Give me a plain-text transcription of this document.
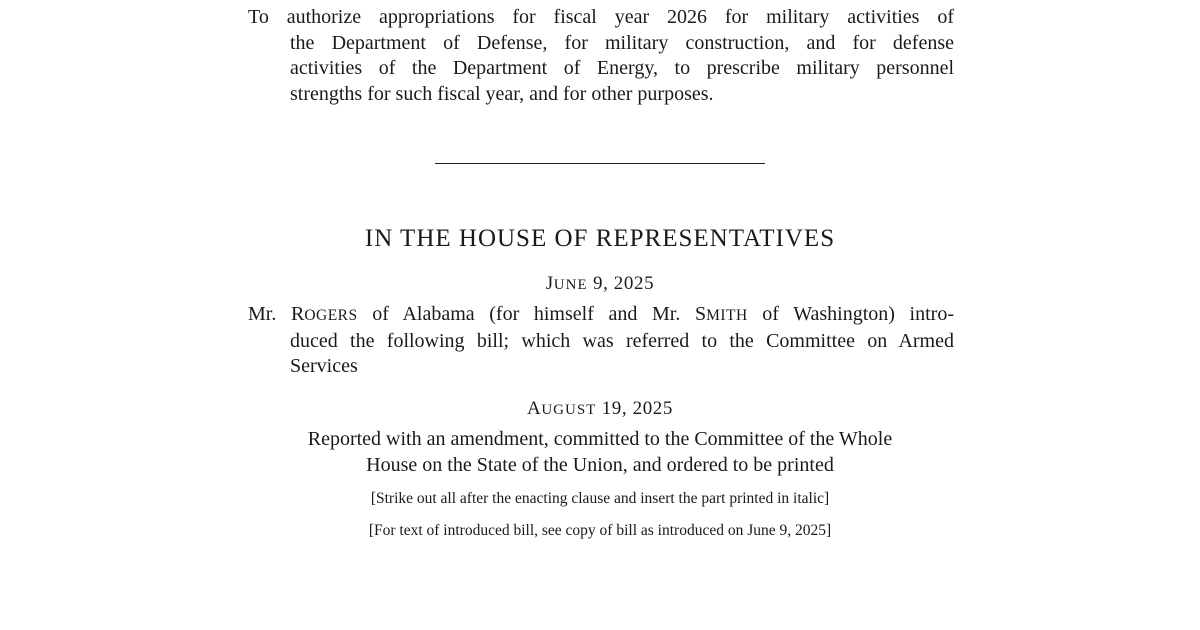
To authorize appropriations for fiscal year 2026 for military activities of
the Department of Defense, for military construction, and for defense
activities of the Department of Energy, to prescribe military personnel
strengths for such fiscal year, and for other purposes.
IN THE HOUSE OF REPRESENTATIVES
JUNE 9, 2025
Mr. ROGERS of Alabama (for himself and Mr. SMITH of Washington) intro-
duced the following bill; which was referred to the Committee on Armed
Services
AUGUST 19, 2025
Reported with an amendment, committed to the Committee of the Whole
House on the State of the Union, and ordered to be printed
[Strike out all after the enacting clause and insert the part printed in italic]
[For text of introduced bill, see copy of bill as introduced on June 9, 2025]
